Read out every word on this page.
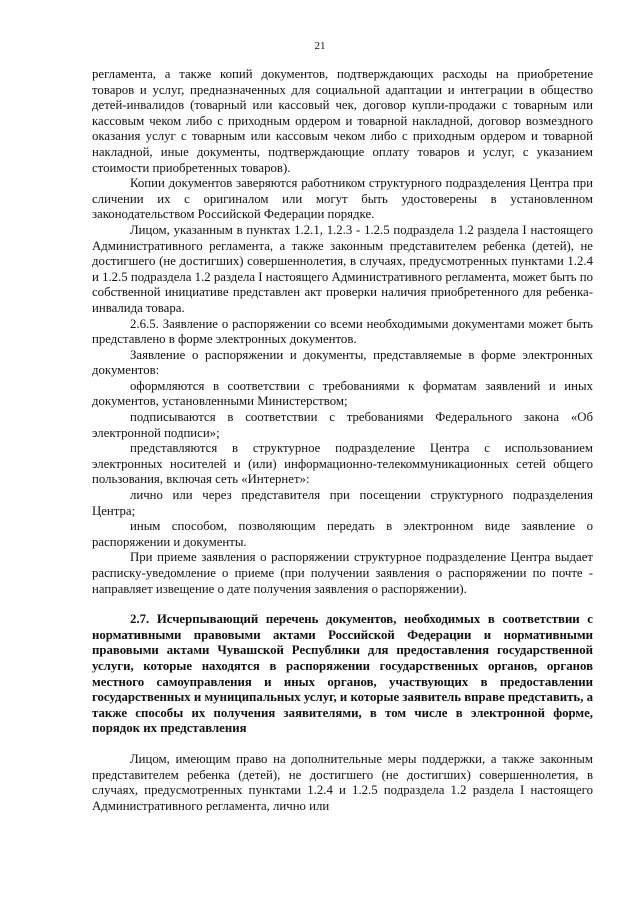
21

регламента, а также копий документов, подтверждающих расходы на приобретение товаров и услуг, предназначенных для социальной адаптации и интеграции в общество детей-инвалидов (товарный или кассовый чек, договор купли-продажи с товарным или кассовым чеком либо с приходным ордером и товарной накладной, договор возмездного оказания услуг с товарным или кассовым чеком либо с приходным ордером и товарной накладной, иные документы, подтверждающие оплату товаров и услуг, с указанием стоимости приобретенных товаров).

Копии документов заверяются работником структурного подразделения Центра при сличении их с оригиналом или могут быть удостоверены в установленном законодательством Российской Федерации порядке.

Лицом, указанным в пунктах 1.2.1, 1.2.3 - 1.2.5 подраздела 1.2 раздела I настоящего Административного регламента, а также законным представителем ребенка (детей), не достигшего (не достигших) совершеннолетия, в случаях, предусмотренных пунктами 1.2.4 и 1.2.5 подраздела 1.2 раздела I настоящего Административного регламента, может быть по собственной инициативе представлен акт проверки наличия приобретенного для ребенка-инвалида товара.

2.6.5. Заявление о распоряжении со всеми необходимыми документами может быть представлено в форме электронных документов.

Заявление о распоряжении и документы, представляемые в форме электронных документов:

оформляются в соответствии с требованиями к форматам заявлений и иных документов, установленными Министерством;

подписываются в соответствии с требованиями Федерального закона «Об электронной подписи»;

представляются в структурное подразделение Центра с использованием электронных носителей и (или) информационно-телекоммуникационных сетей общего пользования, включая сеть «Интернет»:

лично или через представителя при посещении структурного подразделения Центра;

иным способом, позволяющим передать в электронном виде заявление о распоряжении и документы.

При приеме заявления о распоряжении структурное подразделение Центра выдает расписку-уведомление о приеме (при получении заявления о распоряжении по почте - направляет извещение о дате получения заявления о распоряжении).

2.7. Исчерпывающий перечень документов, необходимых в соответствии с нормативными правовыми актами Российской Федерации и нормативными правовыми актами Чувашской Республики для предоставления государственной услуги, которые находятся в распоряжении государственных органов, органов местного самоуправления и иных органов, участвующих в предоставлении государственных и муниципальных услуг, и которые заявитель вправе представить, а также способы их получения заявителями, в том числе в электронной форме, порядок их представления

Лицом, имеющим право на дополнительные меры поддержки, а также законным представителем ребенка (детей), не достигшего (не достигших) совершеннолетия, в случаях, предусмотренных пунктами 1.2.4 и 1.2.5 подраздела 1.2 раздела I настоящего Административного регламента, лично или
